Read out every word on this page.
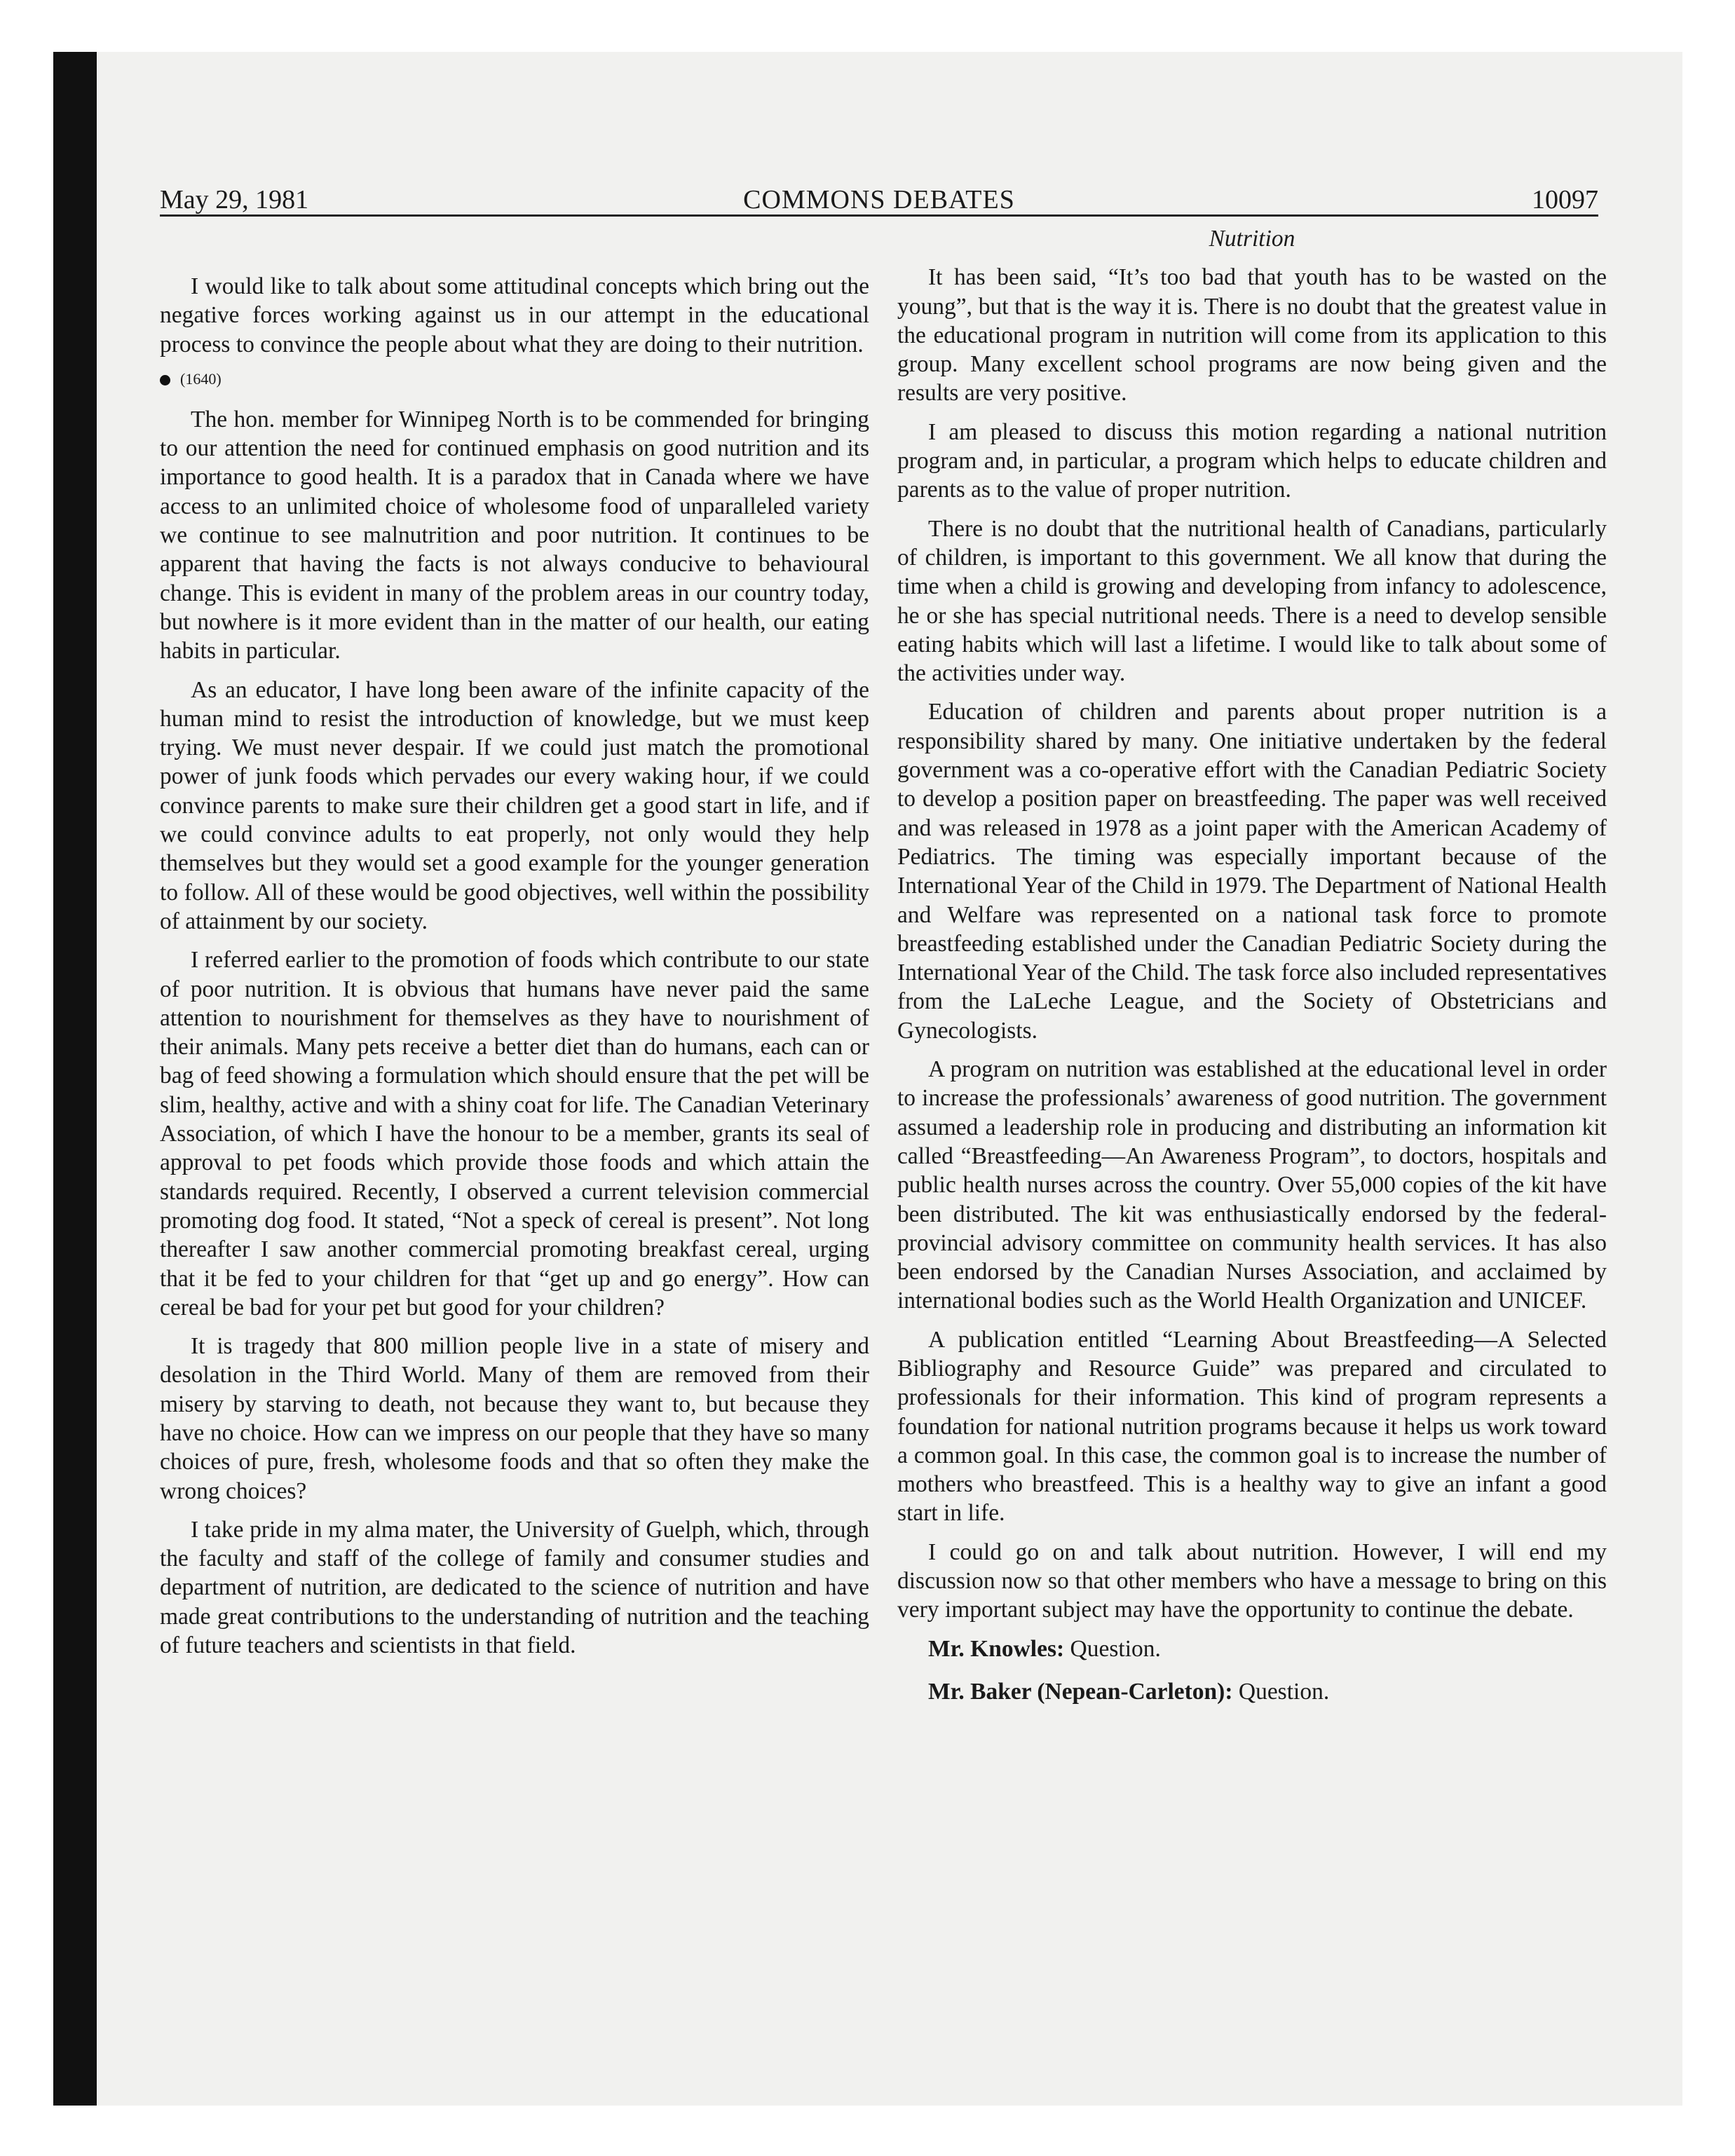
May 29, 1981	COMMONS DEBATES	10097

I would like to talk about some attitudinal concepts which bring out the negative forces working against us in our attempt in the educational process to convince the people about what they are doing to their nutrition.

(1640)

The hon. member for Winnipeg North is to be commended for bringing to our attention the need for continued emphasis on good nutrition and its importance to good health. It is a paradox that in Canada where we have access to an unlimited choice of wholesome food of unparalleled variety we continue to see malnutrition and poor nutrition. It continues to be apparent that having the facts is not always conducive to behavioural change. This is evident in many of the problem areas in our country today, but nowhere is it more evident than in the matter of our health, our eating habits in particular.

As an educator, I have long been aware of the infinite capacity of the human mind to resist the introduction of knowledge, but we must keep trying. We must never despair. If we could just match the promotional power of junk foods which pervades our every waking hour, if we could convince parents to make sure their children get a good start in life, and if we could convince adults to eat properly, not only would they help themselves but they would set a good example for the younger generation to follow. All of these would be good objectives, well within the possibility of attainment by our society.

I referred earlier to the promotion of foods which contribute to our state of poor nutrition. It is obvious that humans have never paid the same attention to nourishment for themselves as they have to nourishment of their animals. Many pets receive a better diet than do humans, each can or bag of feed showing a formulation which should ensure that the pet will be slim, healthy, active and with a shiny coat for life. The Canadian Veterinary Association, of which I have the honour to be a member, grants its seal of approval to pet foods which provide those foods and which attain the standards required. Recently, I observed a current television commercial promoting dog food. It stated, “Not a speck of cereal is present”. Not long thereafter I saw another commercial promoting breakfast cereal, urging that it be fed to your children for that “get up and go energy”. How can cereal be bad for your pet but good for your children?

It is tragedy that 800 million people live in a state of misery and desolation in the Third World. Many of them are removed from their misery by starving to death, not because they want to, but because they have no choice. How can we impress on our people that they have so many choices of pure, fresh, wholesome foods and that so often they make the wrong choices?

I take pride in my alma mater, the University of Guelph, which, through the faculty and staff of the college of family and consumer studies and department of nutrition, are dedicated to the science of nutrition and have made great contributions to the understanding of nutrition and the teaching of future teachers and scientists in that field.

Nutrition

It has been said, “It’s too bad that youth has to be wasted on the young”, but that is the way it is. There is no doubt that the greatest value in the educational program in nutrition will come from its application to this group. Many excellent school programs are now being given and the results are very positive.

I am pleased to discuss this motion regarding a national nutrition program and, in particular, a program which helps to educate children and parents as to the value of proper nutrition.

There is no doubt that the nutritional health of Canadians, particularly of children, is important to this government. We all know that during the time when a child is growing and developing from infancy to adolescence, he or she has special nutritional needs. There is a need to develop sensible eating habits which will last a lifetime. I would like to talk about some of the activities under way.

Education of children and parents about proper nutrition is a responsibility shared by many. One initiative undertaken by the federal government was a co-operative effort with the Canadian Pediatric Society to develop a position paper on breastfeeding. The paper was well received and was released in 1978 as a joint paper with the American Academy of Pediatrics. The timing was especially important because of the International Year of the Child in 1979. The Department of National Health and Welfare was represented on a national task force to promote breastfeeding established under the Canadian Pediatric Society during the International Year of the Child. The task force also included representatives from the LaLeche League, and the Society of Obstetricians and Gynecologists.

A program on nutrition was established at the educational level in order to increase the professionals’ awareness of good nutrition. The government assumed a leadership role in producing and distributing an information kit called “Breastfeeding—An Awareness Program”, to doctors, hospitals and public health nurses across the country. Over 55,000 copies of the kit have been distributed. The kit was enthusiastically endorsed by the federal-provincial advisory committee on community health services. It has also been endorsed by the Canadian Nurses Association, and acclaimed by international bodies such as the World Health Organization and UNICEF.

A publication entitled “Learning About Breastfeeding—A Selected Bibliography and Resource Guide” was prepared and circulated to professionals for their information. This kind of program represents a foundation for national nutrition programs because it helps us work toward a common goal. In this case, the common goal is to increase the number of mothers who breastfeed. This is a healthy way to give an infant a good start in life.

I could go on and talk about nutrition. However, I will end my discussion now so that other members who have a message to bring on this very important subject may have the opportunity to continue the debate.

Mr. Knowles: Question.

Mr. Baker (Nepean-Carleton): Question.
